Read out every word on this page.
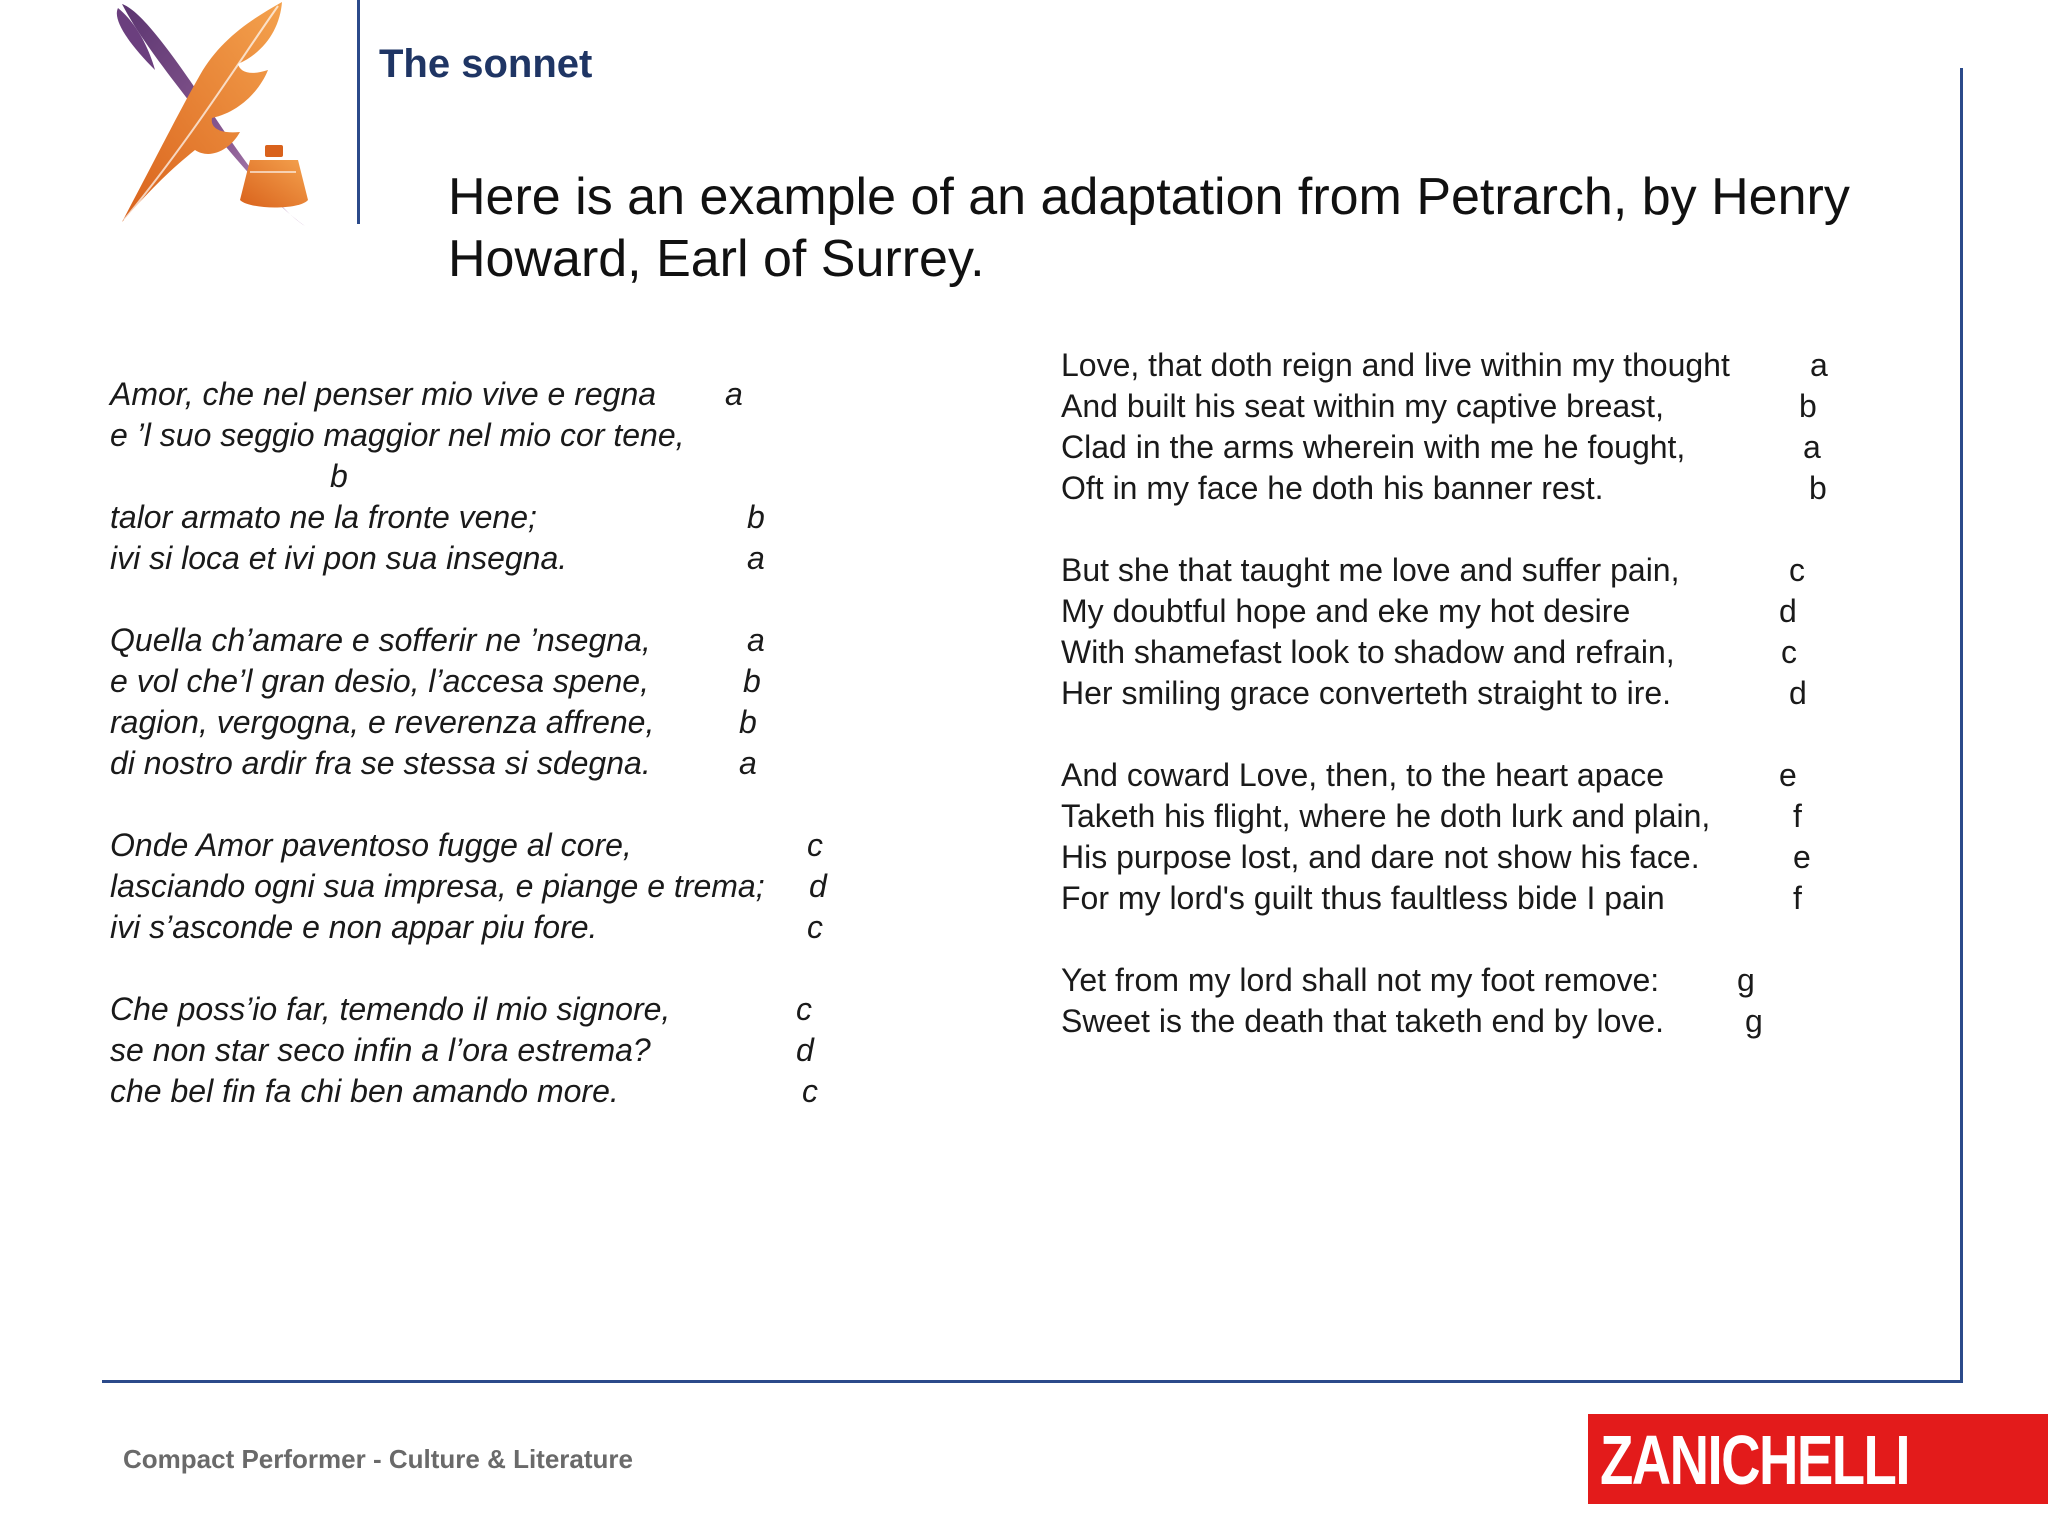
The sonnet
Here is an example of an adaptation from Petrarch, by Henry Howard, Earl of Surrey.
Amor, che nel penser mio vive e regna a
e ’l suo seggio maggior nel mio cor tene,
b
talor armato ne la fronte vene;	b
ivi si loca et ivi pon sua insegna.	a
Quella ch’amare e sofferir ne ’nsegna,	a
e vol che’l gran desio, l’accesa spene,	b
ragion, vergogna, e reverenza affrene,	b
di nostro ardir fra se stessa si sdegna.	a
Onde Amor paventoso fugge al core,	c
lasciando ogni sua impresa, e piange e trema; d
ivi s’asconde e non appar piu fore.	c
Che poss’io far, temendo il mio signore,	c
se non star seco infin a l’ora estrema?	d
che bel fin fa chi ben amando more.	c
Love, that doth reign and live within my thought	a
And built his seat within my captive breast,	b
Clad in the arms wherein with me he fought,	a
Oft in my face he doth his banner rest.	b
But she that taught me love and suffer pain,	c
My doubtful hope and eke my hot desire	d
With shamefast look to shadow and refrain,	c
Her smiling grace converteth straight to ire.	d
And coward Love, then, to the heart apace	e
Taketh his flight, where he doth lurk and plain,	f
His purpose lost, and dare not show his face.	e
For my lord's guilt thus faultless bide I pain	f
Yet from my lord shall not my foot remove: g
Sweet is the death that taketh end by love.	g
Compact Performer - Culture & Literature	ZANICHELLI
